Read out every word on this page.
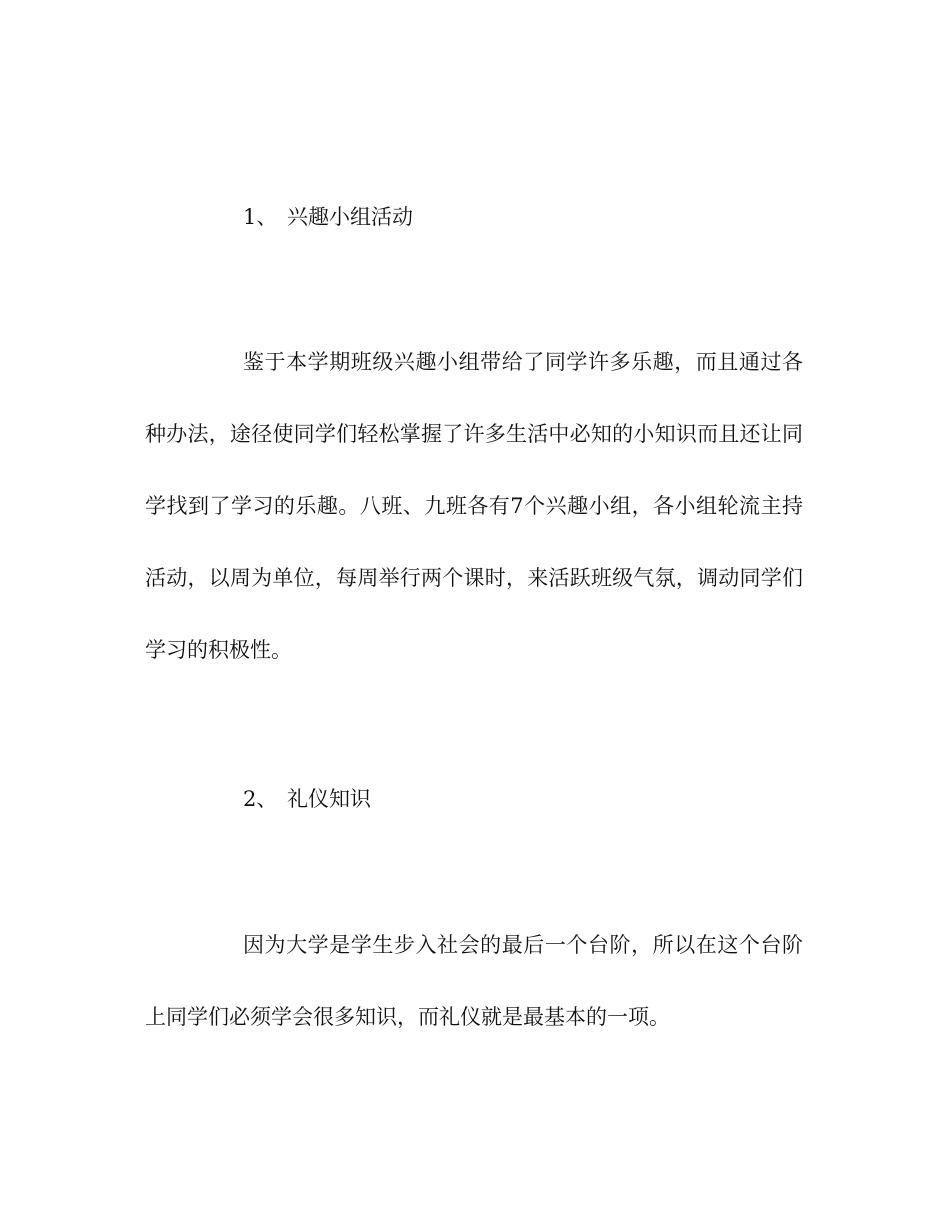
1、 兴趣小组活动

鉴于本学期班级兴趣小组带给了同学许多乐趣，而且通过各种办法，途径使同学们轻松掌握了许多生活中必知的小知识而且还让同学找到了学习的乐趣。八班、九班各有7个兴趣小组，各小组轮流主持活动，以周为单位，每周举行两个课时，来活跃班级气氛，调动同学们学习的积极性。

2、 礼仪知识

因为大学是学生步入社会的最后一个台阶，所以在这个台阶上同学们必须学会很多知识，而礼仪就是最基本的一项。
